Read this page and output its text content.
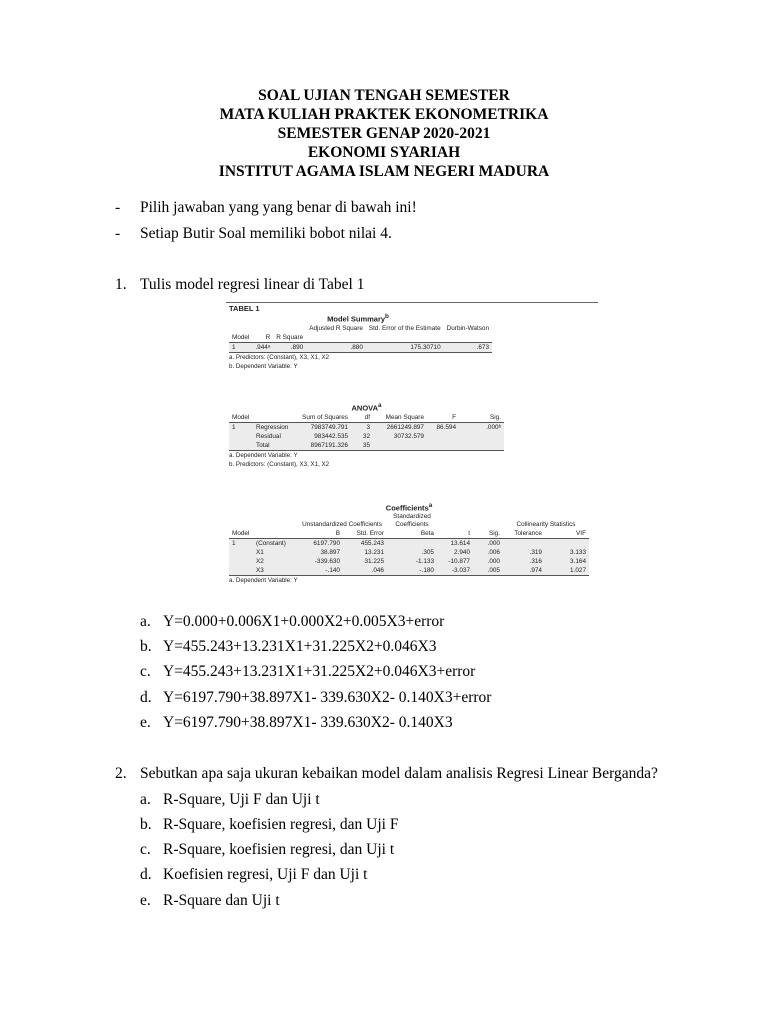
SOAL UJIAN TENGAH SEMESTER
MATA KULIAH PRAKTEK EKONOMETRIKA
SEMESTER GENAP 2020-2021
EKONOMI SYARIAH
INSTITUT AGAMA ISLAM NEGERI MADURA
- Pilih jawaban yang yang benar di bawah ini!
- Setiap Butir Soal memiliki bobot nilai 4.
1. Tulis model regresi linear di Tabel 1
TABEL 1
Model Summary$^b$
			Adjusted R Square	Std. Error of the Estimate	Durbin-Watson
Model	R	R Square			
1	.944ᵃ	.890	.880	175.30710	.673
a. Predictors: (Constant), X3, X1, X2
b. Dependent Variable: Y
ANOVA$^a$
Model		Sum of Squares	df	Mean Square	F	Sig.
1	Regression	7983749.791	3	2661249.897	86.594	.000ᵇ
	Residual	983442.535	32	30732.579		
	Total	8967191.326	35			
a. Dependent Variable: Y
b. Predictors: (Constant), X3, X1, X2
Coefficients$^a$
		Unstandardized Coefficients		Standardized Coefficients			Collinearity Statistics	
Model		B	Std. Error	Beta	t	Sig.	Tolerance	VIF
1	(Constant)	6197.790	455.243		13.614	.000		
	X1	38.897	13.231	.305	2.940	.006	.319	3.133
	X2	-339.630	31.225	-1.133	-10.877	.000	.316	3.164
	X3	-.140	.046	-.180	-3.037	.005	.974	1.027
a. Dependent Variable: Y
a. Y=0.000+0.006X1+0.000X2+0.005X3+error
b. Y=455.243+13.231X1+31.225X2+0.046X3
c. Y=455.243+13.231X1+31.225X2+0.046X3+error
d. Y=6197.790+38.897X1- 339.630X2- 0.140X3+error
e. Y=6197.790+38.897X1- 339.630X2- 0.140X3
2. Sebutkan apa saja ukuran kebaikan model dalam analisis Regresi Linear Berganda?
a. R-Square, Uji F dan Uji t
b. R-Square, koefisien regresi, dan Uji F
c. R-Square, koefisien regresi, dan Uji t
d. Koefisien regresi, Uji F dan Uji t
e. R-Square dan Uji t
